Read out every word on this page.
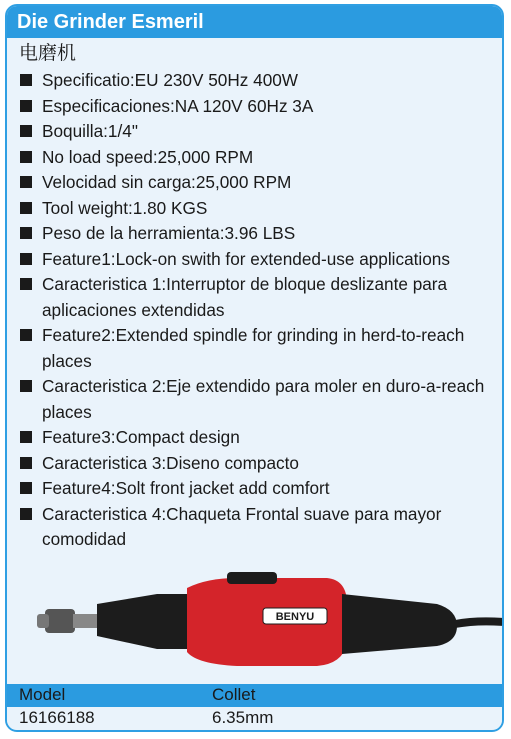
Die Grinder Esmeril
电磨机
Specificatio:EU 230V 50Hz 400W
Especificaciones:NA 120V 60Hz 3A
Boquilla:1/4"
No load speed:25,000 RPM
Velocidad sin carga:25,000 RPM
Tool weight:1.80 KGS
Peso de la herramienta:3.96 LBS
Feature1:Lock-on swith for extended-use applications
Caracteristica 1:Interruptor de bloque deslizante para aplicaciones extendidas
Feature2:Extended spindle for grinding in herd-to-reach places
Caracteristica 2:Eje extendido para moler en duro-a-reach places
Feature3:Compact design
Caracteristica 3:Diseno compacto
Feature4:Solt front jacket add comfort
Caracteristica 4:Chaqueta Frontal suave para mayor comodidad
BENYU
Model	Collet
16166188	6.35mm
